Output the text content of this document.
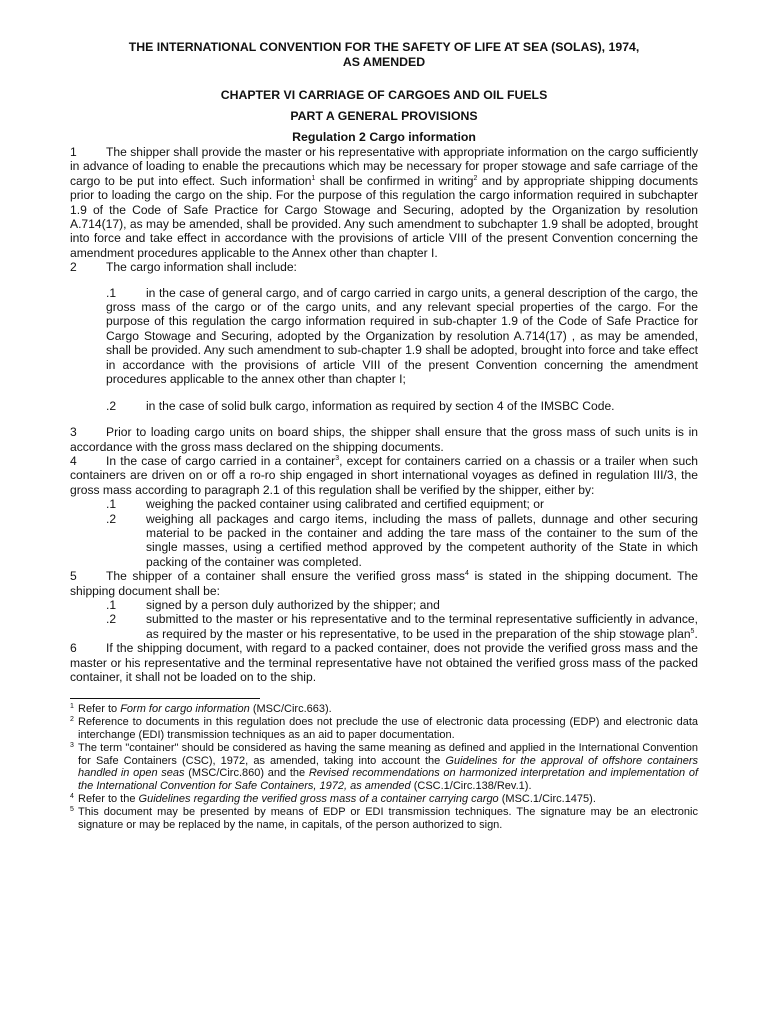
THE INTERNATIONAL CONVENTION FOR THE SAFETY OF LIFE AT SEA (SOLAS), 1974,
AS AMENDED
CHAPTER VI CARRIAGE OF CARGOES AND OIL FUELS
PART A GENERAL PROVISIONS
Regulation 2 Cargo information

1 The shipper shall provide the master or his representative with appropriate information on the cargo sufficiently in advance of loading to enable the precautions which may be necessary for proper stowage and safe carriage of the cargo to be put into effect. Such information$^1$ shall be confirmed in writing$^2$ and by appropriate shipping documents prior to loading the cargo on the ship. For the purpose of this regulation the cargo information required in subchapter 1.9 of the Code of Safe Practice for Cargo Stowage and Securing, adopted by the Organization by resolution A.714(17), as may be amended, shall be provided. Any such amendment to subchapter 1.9 shall be adopted, brought into force and take effect in accordance with the provisions of article VIII of the present Convention concerning the amendment procedures applicable to the Annex other than chapter I.

2 The cargo information shall include:

.1 in the case of general cargo, and of cargo carried in cargo units, a general description of the cargo, the gross mass of the cargo or of the cargo units, and any relevant special properties of the cargo. For the purpose of this regulation the cargo information required in sub-chapter 1.9 of the Code of Safe Practice for Cargo Stowage and Securing, adopted by the Organization by resolution A.714(17) , as may be amended, shall be provided. Any such amendment to sub-chapter 1.9 shall be adopted, brought into force and take effect in accordance with the provisions of article VIII of the present Convention concerning the amendment procedures applicable to the annex other than chapter I;

.2 in the case of solid bulk cargo, information as required by section 4 of the IMSBC Code.

3 Prior to loading cargo units on board ships, the shipper shall ensure that the gross mass of such units is in accordance with the gross mass declared on the shipping documents.

4 In the case of cargo carried in a container$^3$, except for containers carried on a chassis or a trailer when such containers are driven on or off a ro-ro ship engaged in short international voyages as defined in regulation III/3, the gross mass according to paragraph 2.1 of this regulation shall be verified by the shipper, either by:

.1	weighing the packed container using calibrated and certified equipment; or
.2	weighing all packages and cargo items, including the mass of pallets, dunnage and other securing material to be packed in the container and adding the tare mass of the container to the sum of the single masses, using a certified method approved by the competent authority of the State in which packing of the container was completed.

5 The shipper of a container shall ensure the verified gross mass$^4$ is stated in the shipping document. The shipping document shall be:

.1	signed by a person duly authorized by the shipper; and
.2	submitted to the master or his representative and to the terminal representative sufficiently in advance, as required by the master or his representative, to be used in the preparation of the ship stowage plan$^5$.

6 If the shipping document, with regard to a packed container, does not provide the verified gross mass and the master or his representative and the terminal representative have not obtained the verified gross mass of the packed container, it shall not be loaded on to the ship.

$^1$ Refer to Form for cargo information (MSC/Circ.663).
$^2$ Reference to documents in this regulation does not preclude the use of electronic data processing (EDP) and electronic data interchange (EDI) transmission techniques as an aid to paper documentation.
$^3$ The term "container" should be considered as having the same meaning as defined and applied in the International Convention for Safe Containers (CSC), 1972, as amended, taking into account the Guidelines for the approval of offshore containers handled in open seas (MSC/Circ.860) and the Revised recommendations on harmonized interpretation and implementation of the International Convention for Safe Containers, 1972, as amended (CSC.1/Circ.138/Rev.1).
$^4$ Refer to the Guidelines regarding the verified gross mass of a container carrying cargo (MSC.1/Circ.1475).
$^5$ This document may be presented by means of EDP or EDI transmission techniques. The signature may be an electronic signature or may be replaced by the name, in capitals, of the person authorized to sign.
